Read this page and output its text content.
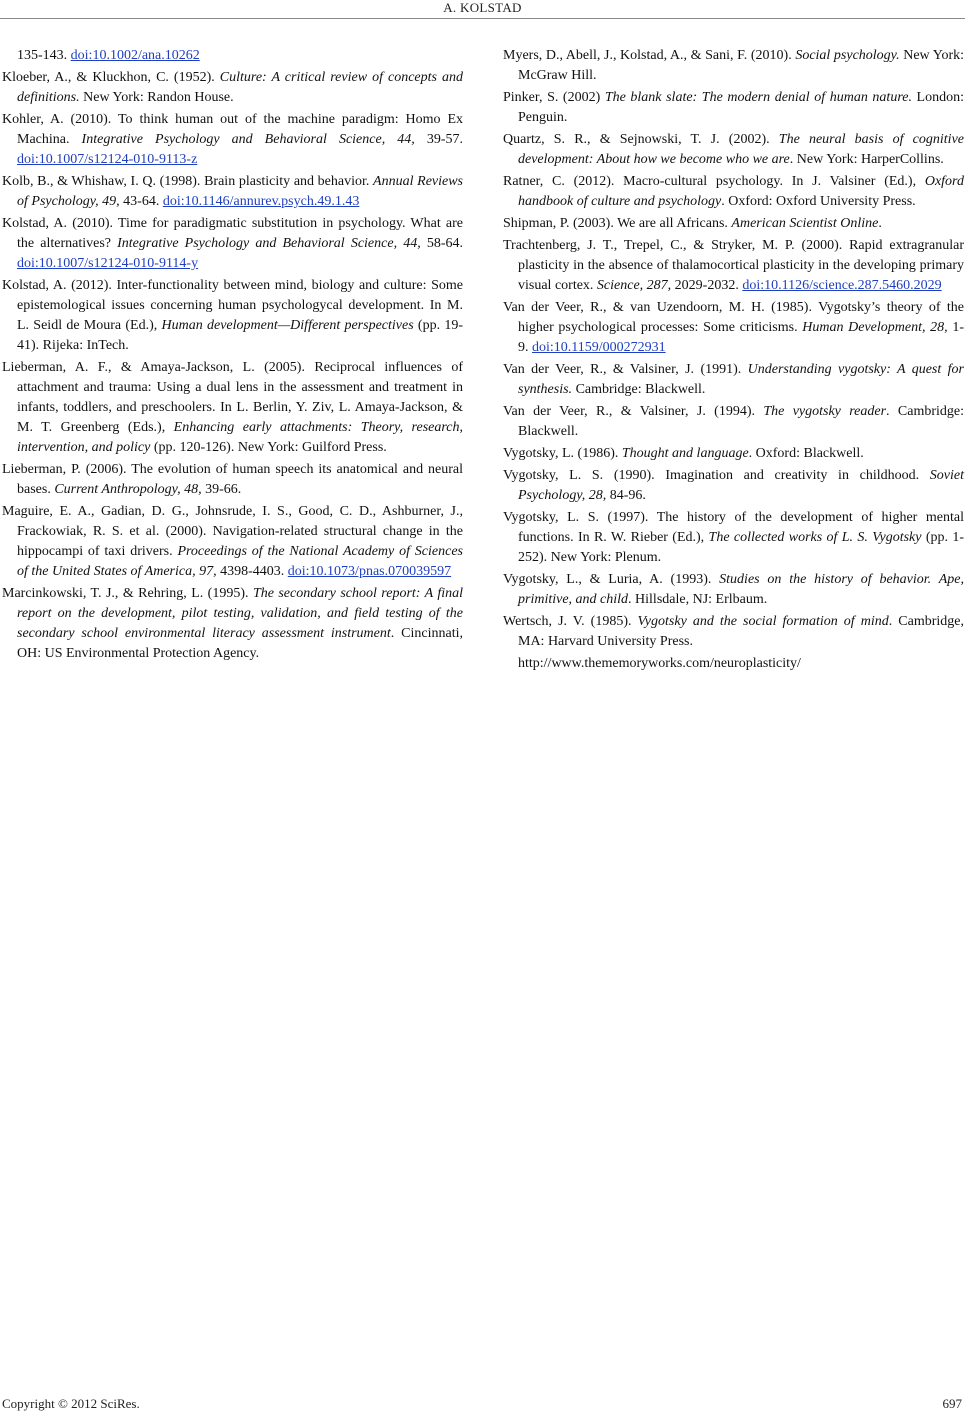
A. KOLSTAD

135-143. doi:10.1002/ana.10262

Kloeber, A., & Kluckhon, C. (1952). Culture: A critical review of concepts and definitions. New York: Randon House.

Kohler, A. (2010). To think human out of the machine paradigm: Homo Ex Machina. Integrative Psychology and Behavioral Science, 44, 39-57. doi:10.1007/s12124-010-9113-z

Kolb, B., & Whishaw, I. Q. (1998). Brain plasticity and behavior. Annual Reviews of Psychology, 49, 43-64. doi:10.1146/annurev.psych.49.1.43

Kolstad, A. (2010). Time for paradigmatic substitution in psychology. What are the alternatives? Integrative Psychology and Behavioral Science, 44, 58-64. doi:10.1007/s12124-010-9114-y

Kolstad, A. (2012). Inter-functionality between mind, biology and culture: Some epistemological issues concerning human psychologycal development. In M. L. Seidl de Moura (Ed.), Human development—Different perspectives (pp. 19-41). Rijeka: InTech.

Lieberman, A. F., & Amaya-Jackson, L. (2005). Reciprocal influences of attachment and trauma: Using a dual lens in the assessment and treatment in infants, toddlers, and preschoolers. In L. Berlin, Y. Ziv, L. Amaya-Jackson, & M. T. Greenberg (Eds.), Enhancing early attachments: Theory, research, intervention, and policy (pp. 120-126). New York: Guilford Press.

Lieberman, P. (2006). The evolution of human speech its anatomical and neural bases. Current Anthropology, 48, 39-66.

Maguire, E. A., Gadian, D. G., Johnsrude, I. S., Good, C. D., Ashburner, J., Frackowiak, R. S. et al. (2000). Navigation-related structural change in the hippocampi of taxi drivers. Proceedings of the National Academy of Sciences of the United States of America, 97, 4398-4403. doi:10.1073/pnas.070039597

Marcinkowski, T. J., & Rehring, L. (1995). The secondary school report: A final report on the development, pilot testing, validation, and field testing of the secondary school environmental literacy assessment instrument. Cincinnati, OH: US Environmental Protection Agency.

Myers, D., Abell, J., Kolstad, A., & Sani, F. (2010). Social psychology. New York: McGraw Hill.

Pinker, S. (2002) The blank slate: The modern denial of human nature. London: Penguin.

Quartz, S. R., & Sejnowski, T. J. (2002). The neural basis of cognitive development: About how we become who we are. New York: HarperCollins.

Ratner, C. (2012). Macro-cultural psychology. In J. Valsiner (Ed.), Oxford handbook of culture and psychology. Oxford: Oxford University Press.

Shipman, P. (2003). We are all Africans. American Scientist Online.

Trachtenberg, J. T., Trepel, C., & Stryker, M. P. (2000). Rapid extragranular plasticity in the absence of thalamocortical plasticity in the developing primary visual cortex. Science, 287, 2029-2032. doi:10.1126/science.287.5460.2029

Van der Veer, R., & van Uzendoorn, M. H. (1985). Vygotsky’s theory of the higher psychological processes: Some criticisms. Human Development, 28, 1-9. doi:10.1159/000272931

Van der Veer, R., & Valsiner, J. (1991). Understanding vygotsky: A quest for synthesis. Cambridge: Blackwell.

Van der Veer, R., & Valsiner, J. (1994). The vygotsky reader. Cambridge: Blackwell.

Vygotsky, L. (1986). Thought and language. Oxford: Blackwell.

Vygotsky, L. S. (1990). Imagination and creativity in childhood. Soviet Psychology, 28, 84-96.

Vygotsky, L. S. (1997). The history of the development of higher mental functions. In R. W. Rieber (Ed.), The collected works of L. S. Vygotsky (pp. 1-252). New York: Plenum.

Vygotsky, L., & Luria, A. (1993). Studies on the history of behavior. Ape, primitive, and child. Hillsdale, NJ: Erlbaum.

Wertsch, J. V. (1985). Vygotsky and the social formation of mind. Cambridge, MA: Harvard University Press.

http://www.thememoryworks.com/neuroplasticity/

Copyright © 2012 SciRes.	697
